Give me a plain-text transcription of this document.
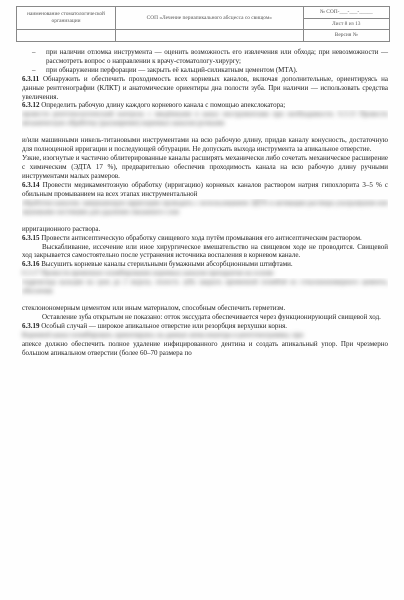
наименование стоматологической организации	СОП «Лечение периапикального абсцесса со свищом»	№ СОП-___-___-_____
		Лист 8 из 13
		Версия №

– при наличии отломка инструмента — оценить возможность его извлечения или обхода; при невозможности — рассмотреть вопрос о направлении к врачу-стоматологу-хирургу;

– при обнаружении перфорации — закрыть её кальций-силикатным цементом (МТА).

6.3.11 Обнаружить и обеспечить проходимость всех корневых каналов, включая дополнительные, ориентируясь на данные рентгенографии (КЛКТ) и анатомические ориентиры дна полости зуба. При наличии — использовать средства увеличения.

6.3.12 Определить рабочую длину каждого корневого канала с помощью апекслокатора;

провести рентгенологический контроль с введёнными в канал инструментами при необходимости. 6.3.13 Провести механическую обработку (расширение) корневых каналов ручными

и/или машинными никель-титановыми инструментами на всю рабочую длину, придав каналу конусность, достаточную для полноценной ирригации и последующей обтурации. Не допускать выхода инструмента за апикальное отверстие.

Узкие, изогнутые и частично облитерированные каналы расширять механически либо сочетать механическое расширение с химическим (ЭДТА 17 %), предварительно обеспечив проходимость канала на всю рабочую длину ручными инструментами малых размеров.

6.3.14 Провести медикаментозную обработку (ирригацию) корневых каналов раствором натрия гипохлорита 3–5 % с обильным промыванием на всех этапах инструментальной

обработки каналов; завершающую ирригацию проводить с использованием ЭДТА и активации раствора ультразвуком или звуковыми системами для удаления смазанного слоя

ирригационного раствора.

6.3.15 Провести антисептическую обработку свищевого хода путём промывания его антисептическим раствором.

Выскабливание, иссечение или иное хирургическое вмешательство на свищевом ходе не проводится. Свищевой ход закрывается самостоятельно после устранения источника воспаления в корневом канале.

6.3.16 Высушить корневые каналы стерильными бумажными абсорбционными штифтами.

6.3.17 Провести временное пломбирование корневых каналов препаратом на основе

гидроксида кальция на срок до 2 недель; полость зуба закрыть временной пломбой из стеклоиономерного цемента, обеспечив

стеклоиономерным цементом или иным материалом, способным обеспечить герметизм.

Оставление зуба открытым не показано: отток экссудата обеспечивается через функционирующий свищевой ход.

6.3.19 Особый случай — широкое апикальное отверстие или резорбция верхушки корня.

Корневой канал пломбировать ориентируясь на данные апекслокатора и рентгенограммы; при

апексе должно обеспечить полное удаление инфицированного дентина и создать апикальный упор. При чрезмерно большом апикальном отверстии (более 60–70 размера по
